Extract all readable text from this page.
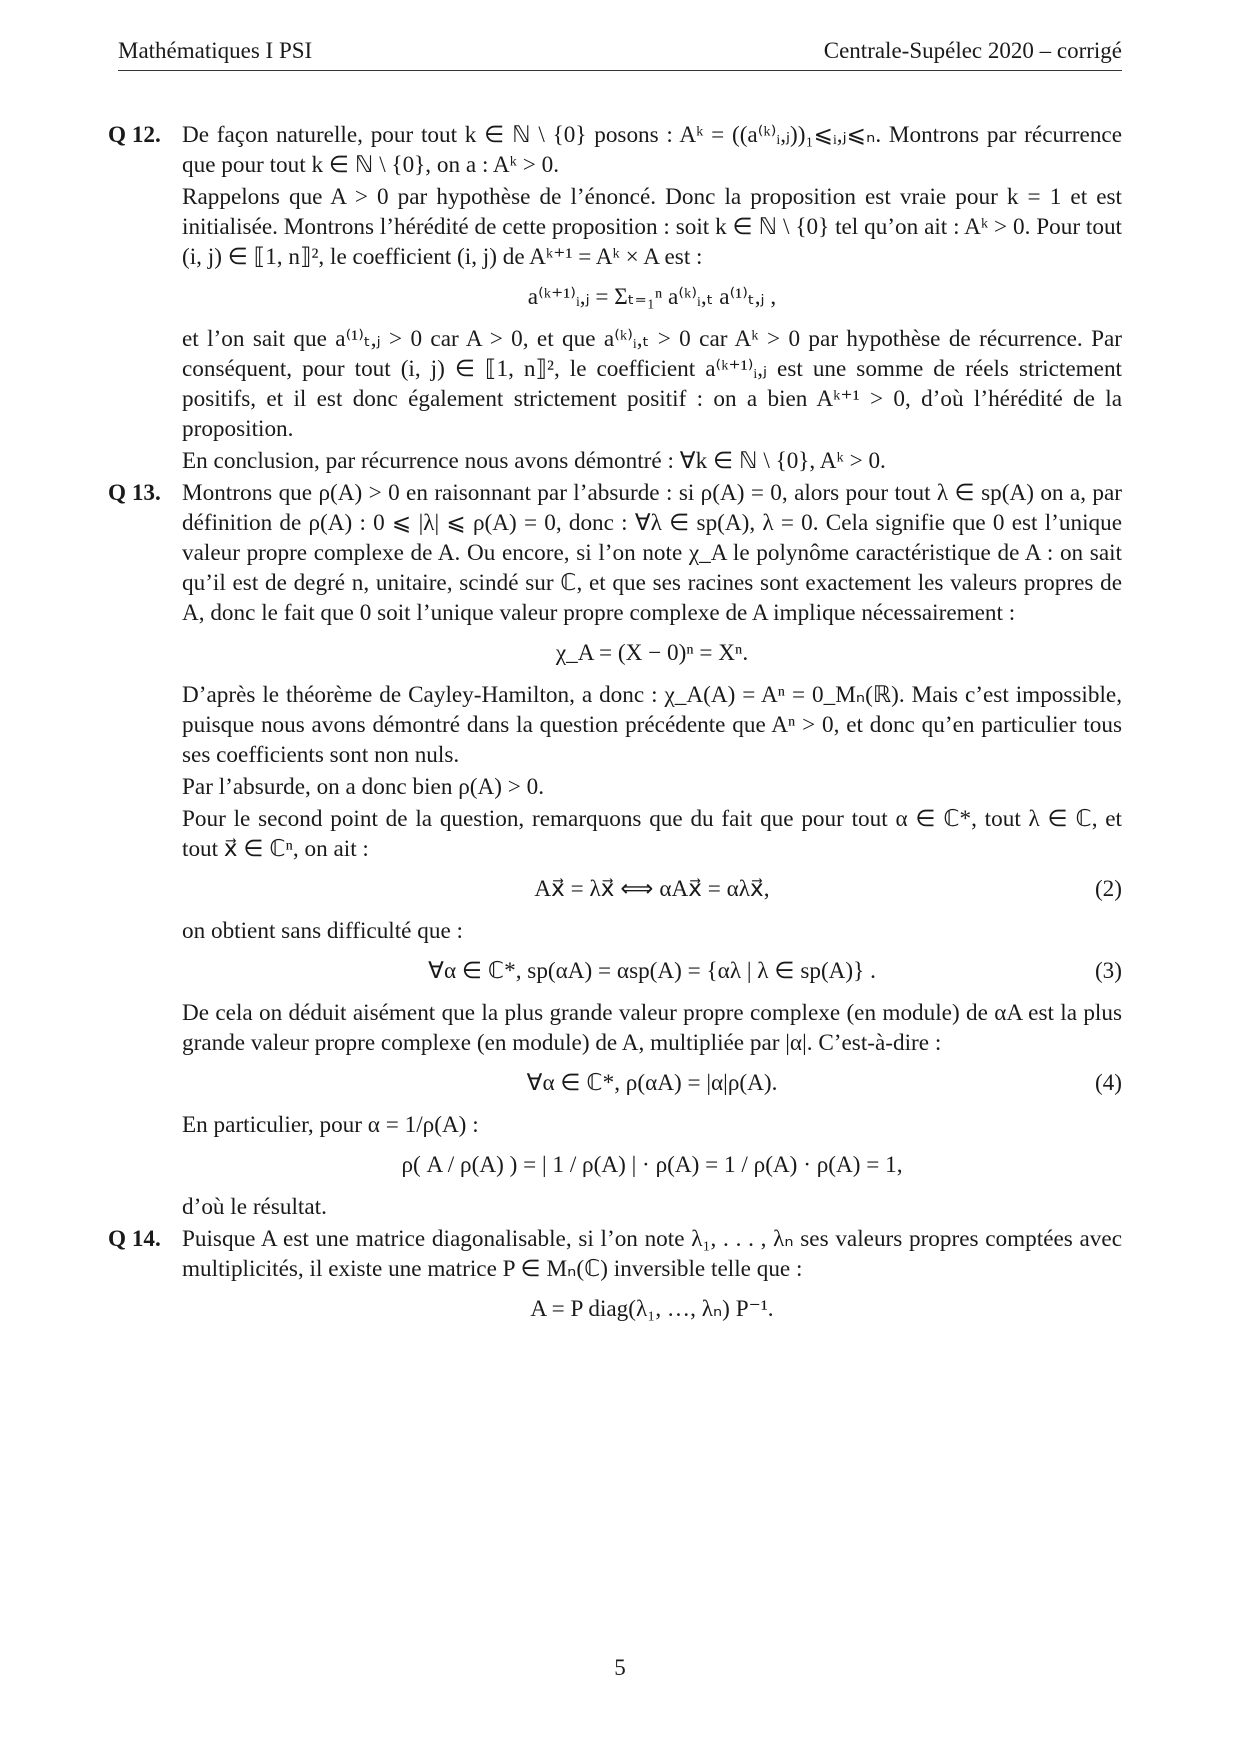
Mathématiques I PSI	Centrale-Supélec 2020 – corrigé
Q 12. De façon naturelle, pour tout k ∈ ℕ \ {0} posons : Aᵏ = ((a⁽ᵏ⁾ᵢ,ⱼ))₁⩽ᵢ,ⱼ⩽ₙ. Montrons par récurrence que pour tout k ∈ ℕ \ {0}, on a : Aᵏ > 0.

Rappelons que A > 0 par hypothèse de l’énoncé. Donc la proposition est vraie pour k = 1 et est initialisée. Montrons l’hérédité de cette proposition : soit k ∈ ℕ \ {0} tel qu’on ait : Aᵏ > 0. Pour tout (i, j) ∈ ⟦1, n⟧², le coefficient (i, j) de Aᵏ⁺¹ = Aᵏ × A est :

a⁽ᵏ⁺¹⁾ᵢ,ⱼ = Σₜ₌₁ⁿ a⁽ᵏ⁾ᵢ,ₜ a⁽¹⁾ₜ,ⱼ ,

et l’on sait que a⁽¹⁾ₜ,ⱼ > 0 car A > 0, et que a⁽ᵏ⁾ᵢ,ₜ > 0 car Aᵏ > 0 par hypothèse de récurrence. Par conséquent, pour tout (i, j) ∈ ⟦1, n⟧², le coefficient a⁽ᵏ⁺¹⁾ᵢ,ⱼ est une somme de réels strictement positifs, et il est donc également strictement positif : on a bien Aᵏ⁺¹ > 0, d’où l’hérédité de la proposition.

En conclusion, par récurrence nous avons démontré : ∀k ∈ ℕ \ {0}, Aᵏ > 0.

Q 13. Montrons que ρ(A) > 0 en raisonnant par l’absurde : si ρ(A) = 0, alors pour tout λ ∈ sp(A) on a, par définition de ρ(A) : 0 ⩽ |λ| ⩽ ρ(A) = 0, donc : ∀λ ∈ sp(A), λ = 0. Cela signifie que 0 est l’unique valeur propre complexe de A. Ou encore, si l’on note χ_A le polynôme caractéristique de A : on sait qu’il est de degré n, unitaire, scindé sur ℂ, et que ses racines sont exactement les valeurs propres de A, donc le fait que 0 soit l’unique valeur propre complexe de A implique nécessairement :

χ_A = (X − 0)ⁿ = Xⁿ.

D’après le théorème de Cayley-Hamilton, a donc : χ_A(A) = Aⁿ = 0_Mₙ(ℝ). Mais c’est impossible, puisque nous avons démontré dans la question précédente que Aⁿ > 0, et donc qu’en particulier tous ses coefficients sont non nuls.

Par l’absurde, on a donc bien ρ(A) > 0.

Pour le second point de la question, remarquons que du fait que pour tout α ∈ ℂ*, tout λ ∈ ℂ, et tout x⃗ ∈ ℂⁿ, on ait :

Ax⃗ = λx⃗ ⟺ αAx⃗ = αλx⃗,	(2)

on obtient sans difficulté que :

∀α ∈ ℂ*, sp(αA) = αsp(A) = {αλ | λ ∈ sp(A)} .	(3)

De cela on déduit aisément que la plus grande valeur propre complexe (en module) de αA est la plus grande valeur propre complexe (en module) de A, multipliée par |α|. C’est-à-dire :

∀α ∈ ℂ*, ρ(αA) = |α|ρ(A).	(4)

En particulier, pour α = 1/ρ(A) :

ρ( A / ρ(A) ) = | 1 / ρ(A) | · ρ(A) = 1 / ρ(A) · ρ(A) = 1,

d’où le résultat.

Q 14. Puisque A est une matrice diagonalisable, si l’on note λ₁, . . . , λₙ ses valeurs propres comptées avec multiplicités, il existe une matrice P ∈ Mₙ(ℂ) inversible telle que :

A = P diag(λ₁, …, λₙ) P⁻¹.
5
